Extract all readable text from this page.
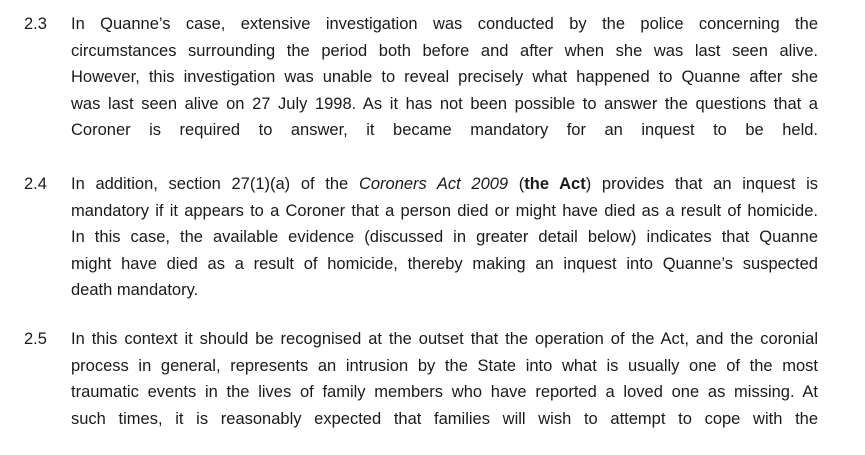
2.3 In Quanne’s case, extensive investigation was conducted by the police concerning the
circumstances surrounding the period both before and after when she was last seen alive.
However, this investigation was unable to reveal precisely what happened to Quanne after she
was last seen alive on 27 July 1998. As it has not been possible to answer the questions that a
Coroner is required to answer, it became mandatory for an inquest to be held.
2.4 In addition, section 27(1)(a) of the Coroners Act 2009 (the Act) provides that an inquest is
mandatory if it appears to a Coroner that a person died or might have died as a result of homicide.
In this case, the available evidence (discussed in greater detail below) indicates that Quanne
might have died as a result of homicide, thereby making an inquest into Quanne’s suspected
death mandatory.
2.5 In this context it should be recognised at the outset that the operation of the Act, and the coronial
process in general, represents an intrusion by the State into what is usually one of the most
traumatic events in the lives of family members who have reported a loved one as missing. At
such times, it is reasonably expected that families will wish to attempt to cope with the
